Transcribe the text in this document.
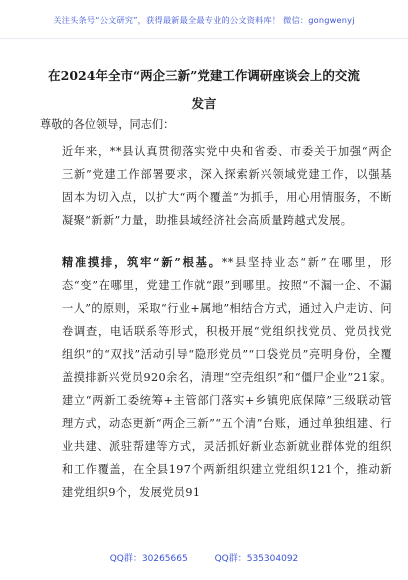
关注头条号“公文研究”，获得最新最全最专业的公文资料库！ 微信：gongwenyj
在2024年全市“两企三新”党建工作调研座谈会上的交流
发言
尊敬的各位领导，同志们：
近年来，**县认真贯彻落实党中央和省委、市委关于加强“两企三新”党建工作部署要求，深入探索新兴领域党建工作，以强基固本为切入点，以扩大“两个覆盖”为抓手，用心用情服务，不断凝聚“新新”力量，助推县域经济社会高质量跨越式发展。
精准摸排，筑牢“新”根基。**县坚持业态“新”在哪里，形态“变”在哪里，党建工作就“跟”到哪里。按照“不漏一企、不漏一人”的原则，采取“行业+属地”相结合方式，通过入户走访、问卷调查，电话联系等形式，积极开展“党组织找党员、党员找党组织”的“双找”活动引导“隐形党员”“口袋党员”亮明身份，全覆盖摸排新兴党员920余名，清理“空壳组织”和“僵尸企业”21家。建立“两新工委统筹+主管部门落实+乡镇兜底保障”三级联动管理方式，动态更新“两企三新”“五个清”台账，通过单独组建、行业共建、派驻帮建等方式，灵活抓好新业态新就业群体党的组织和工作覆盖，在全县197个两新组织建立党组织121个，推动新建党组织9个，发展党员91
QQ群：30265665	QQ群：535304092
